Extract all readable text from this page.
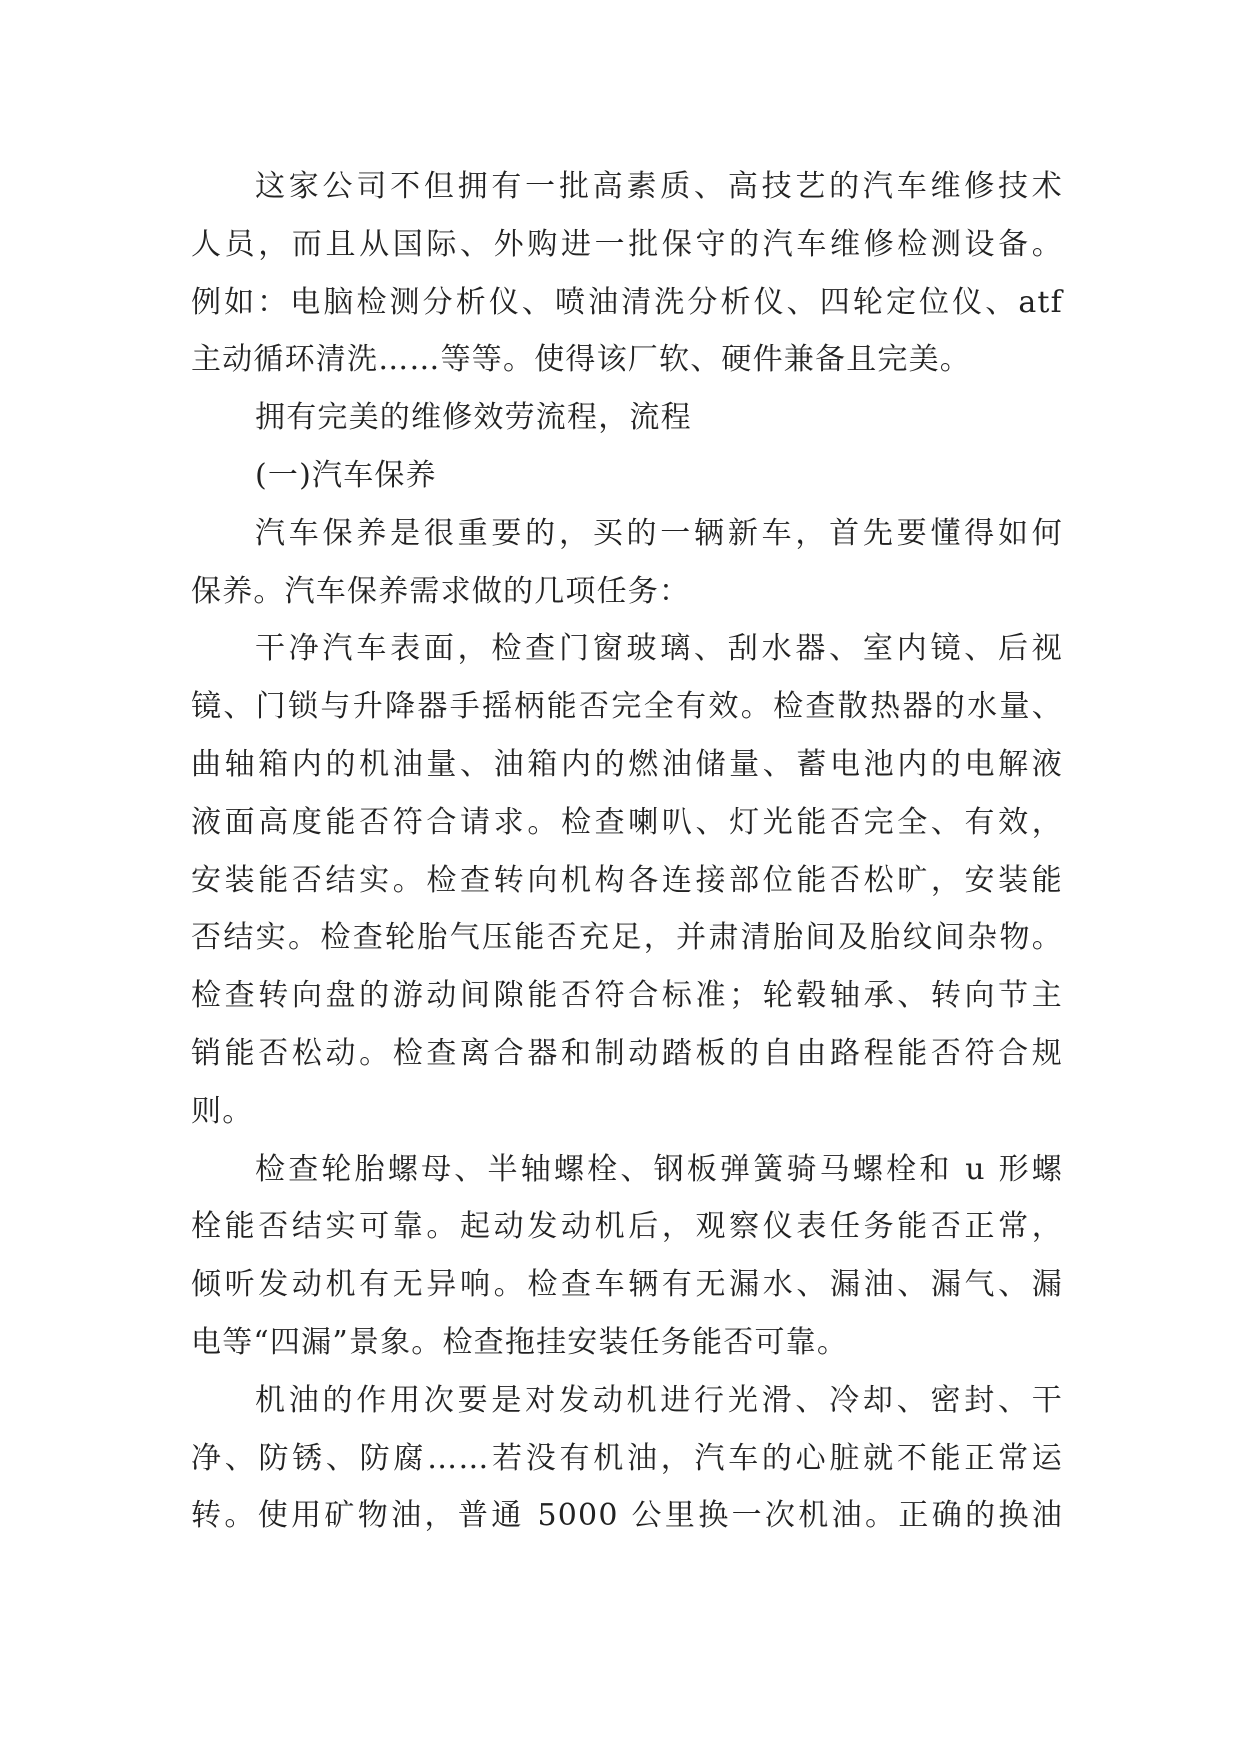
这家公司不但拥有一批高素质、高技艺的汽车维修技术
人员，而且从国际、外购进一批保守的汽车维修检测设备。
例如：电脑检测分析仪、喷油清洗分析仪、四轮定位仪、atf
主动循环清洗……等等。使得该厂软、硬件兼备且完美。
拥有完美的维修效劳流程，流程
(一)汽车保养
汽车保养是很重要的，买的一辆新车，首先要懂得如何
保养。汽车保养需求做的几项任务：
干净汽车表面，检查门窗玻璃、刮水器、室内镜、后视
镜、门锁与升降器手摇柄能否完全有效。检查散热器的水量、
曲轴箱内的机油量、油箱内的燃油储量、蓄电池内的电解液
液面高度能否符合请求。检查喇叭、灯光能否完全、有效，
安装能否结实。检查转向机构各连接部位能否松旷，安装能
否结实。检查轮胎气压能否充足，并肃清胎间及胎纹间杂物。
检查转向盘的游动间隙能否符合标准；轮毂轴承、转向节主
销能否松动。检查离合器和制动踏板的自由路程能否符合规
则。
检查轮胎螺母、半轴螺栓、钢板弹簧骑马螺栓和 u 形螺
栓能否结实可靠。起动发动机后，观察仪表任务能否正常，
倾听发动机有无异响。检查车辆有无漏水、漏油、漏气、漏
电等“四漏”景象。检查拖挂安装任务能否可靠。
机油的作用次要是对发动机进行光滑、冷却、密封、干
净、防锈、防腐……若没有机油，汽车的心脏就不能正常运
转。使用矿物油，普通 5000 公里换一次机油。正确的换油
